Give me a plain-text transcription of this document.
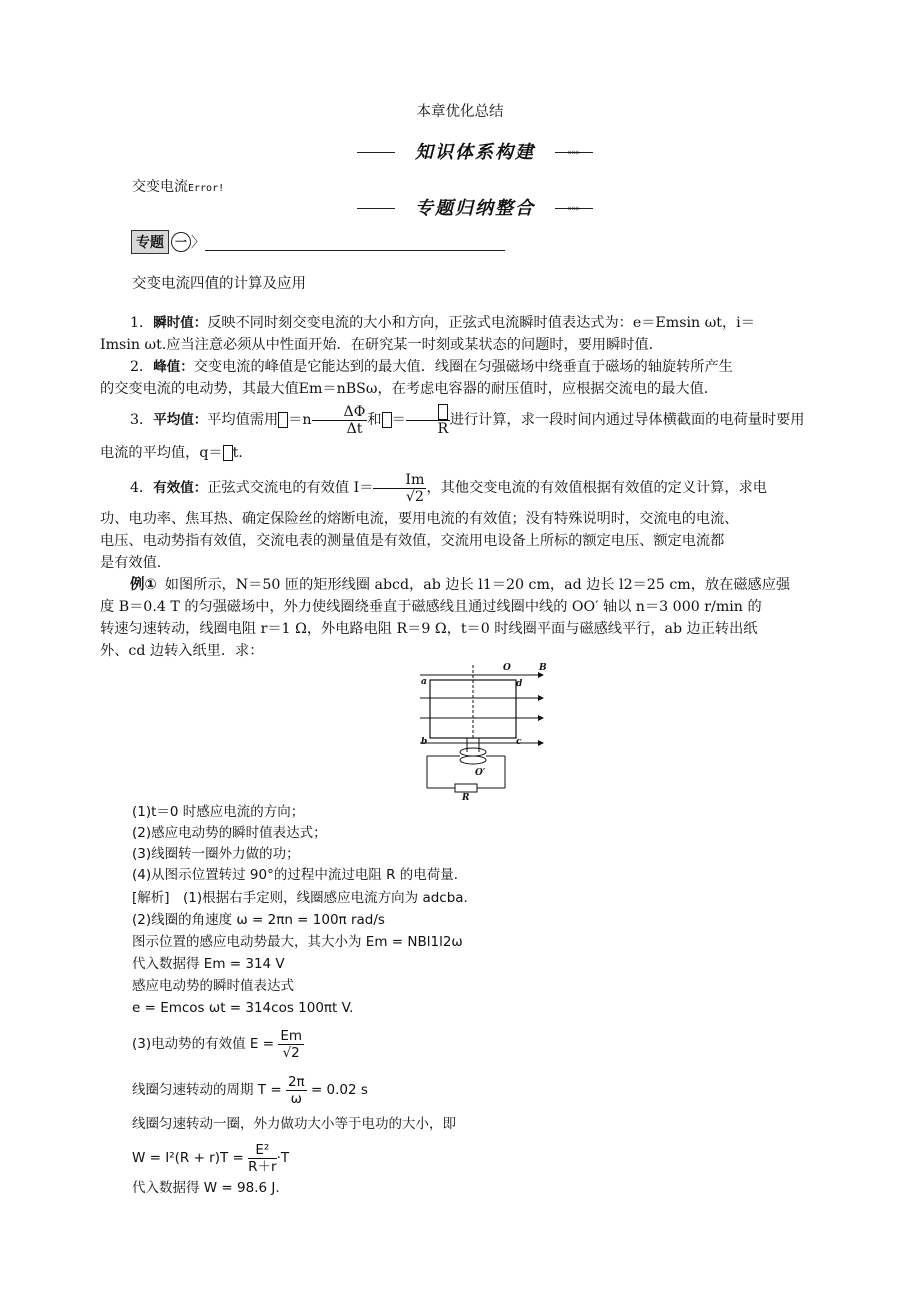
本章优化总结
知识体系构建	»»»
交变电流Error!
专题归纳整合	»»»
专题 一 〉
交变电流四值的计算及应用
1．瞬时值：反映不同时刻交变电流的大小和方向，正弦式电流瞬时值表达式为：e＝Emsin ωt，i＝
Imsin ωt.应当注意必须从中性面开始．在研究某一时刻或某状态的问题时，要用瞬时值．
2．峰值：交变电流的峰值是它能达到的最大值．线圈在匀强磁场中绕垂直于磁场的轴旋转所产生
的交变电流的电动势，其最大值Em＝nBSω，在考虑电容器的耐压值时，应根据交流电的最大值．
3．平均值：平均值需用 $=n \frac{\Delta\Phi}{\Delta t}$ 和 ＝
R
进行计算，求一段时间内通过导体横截面的电荷量时要用
电流的平均值，q＝ t.
4．有效值：正弦式交流电的有效值 $I= \frac{Im}{√2}$ ，其他交变电流的有效值根据有效值的定义计算，求电
功、电功率、焦耳热、确定保险丝的熔断电流，要用电流的有效值；没有特殊说明时，交流电的电流、
电压、电动势指有效值，交流电表的测量值是有效值，交流用电设备上所标的额定电压、额定电流都
是有效值．
例① 如图所示，N＝50 匝的矩形线圈 abcd，ab 边长 l1＝20 cm，ad 边长 l2＝25 cm，放在磁感应强
度 B＝0.4 T 的匀强磁场中，外力使线圈绕垂直于磁感线且通过线圈中线的 OO′ 轴以 n＝3 000 r/min 的
转速匀速转动，线圈电阻 r＝1 Ω，外电路电阻 R＝9 Ω，t＝0 时线圈平面与磁感线平行，ab 边正转出纸
外、cd 边转入纸里．求：
O	B
a	d
b	c
O′
R
(1)t＝0 时感应电流的方向；
(2)感应电动势的瞬时值表达式；
(3)线圈转一圈外力做的功；
(4)从图示位置转过 90°的过程中流过电阻 R 的电荷量．
[解析]　(1)根据右手定则，线圈感应电流方向为 adcba.
(2)线圈的角速度 ω = 2πn = 100π rad/s
图示位置的感应电动势最大，其大小为 Em = NBl1l2ω
代入数据得 Em = 314 V
感应电动势的瞬时值表达式
e = Emcos ωt = 314cos 100πt V.
(3)电动势的有效值 $E = \frac{Em}{√2}$
线圈匀速转动的周期 $T = \frac{2\pi}{\omega} = 0.02$ s
线圈匀速转动一圈，外力做功大小等于电功的大小，即
$W = I^2(R + r)T = \frac{\text{E²}}{R+r} \cdot T$
代入数据得 W = 98.6 J.
